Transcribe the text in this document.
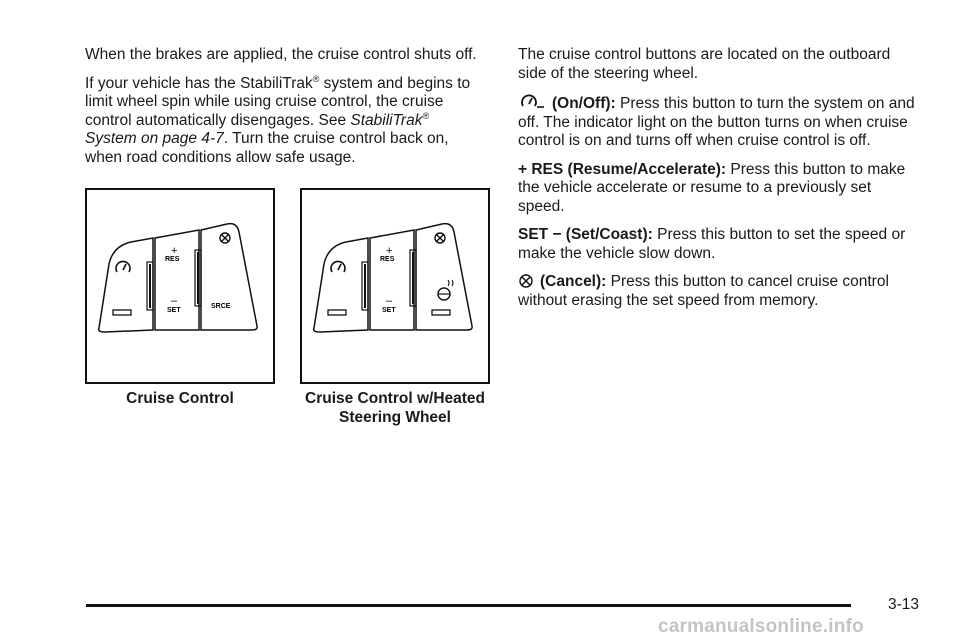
When the brakes are applied, the cruise control shuts off.

If your vehicle has the StabiliTrak® system and begins to limit wheel spin while using cruise control, the cruise control automatically disengages. See StabiliTrak® System on page 4-7. Turn the cruise control back on, when road conditions allow safe usage.

+
RES
–
SET
SRCE
Cruise Control
+
RES
–
SET
Cruise Control w/Heated Steering Wheel

The cruise control buttons are located on the outboard side of the steering wheel.

(On/Off): Press this button to turn the system on and off. The indicator light on the button turns on when cruise control is on and turns off when cruise control is off.

+ RES (Resume/Accelerate): Press this button to make the vehicle accelerate or resume to a previously set speed.

SET − (Set/Coast): Press this button to set the speed or make the vehicle slow down.

(Cancel): Press this button to cancel cruise control without erasing the set speed from memory.

3-13
carmanualsonline.info
